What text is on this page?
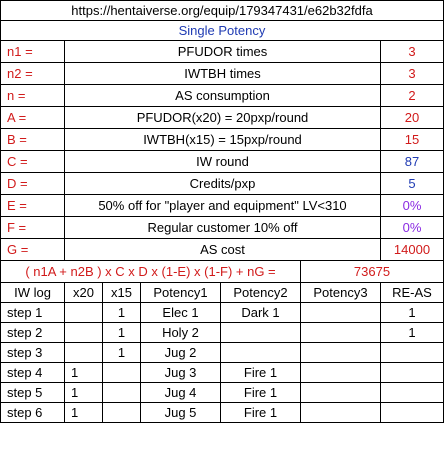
https://hentaiverse.org/equip/179347431/e62b32fdfa						
Single Potency						
n1 =	PFUDOR times					3
n2 =	IWTBH times					3
n =	AS consumption					2
A =	PFUDOR(x20) = 20pxp/round					20
B =	IWTBH(x15) = 15pxp/round					15
C =	IW round					87
D =	Credits/pxp					5
E =	50% off for "player and equipment" LV<310					0%
F =	Regular customer 10% off					0%
G =	AS cost					14000
( n1A + n2B ) x C x D x (1-E) x (1-F) + nG =					73675	
IW log	x20	x15	Potency1	Potency2	Potency3	RE-AS
step 1		1	Elec 1	Dark 1		1
step 2		1	Holy 2			1
step 3		1	Jug 2			
step 4	1		Jug 3	Fire 1		
step 5	1		Jug 4	Fire 1		
step 6	1		Jug 5	Fire 1		
